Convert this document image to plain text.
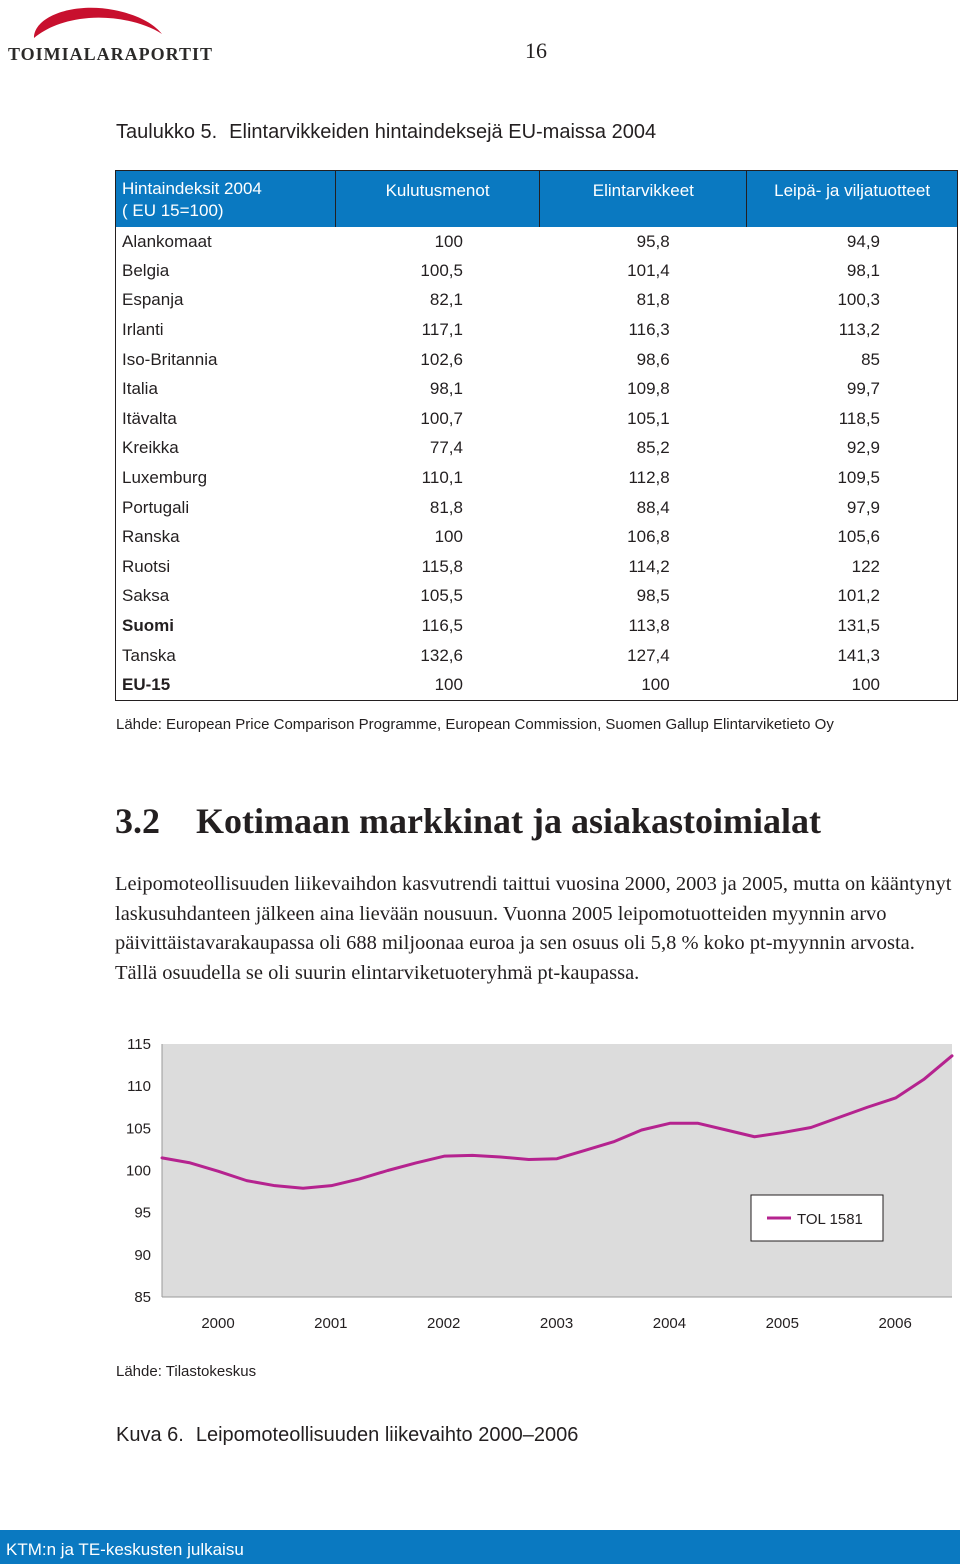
TOIMIALARAPORTIT	16
Taulukko 5. Elintarvikkeiden hintaindeksejä EU-maissa 2004
Hintaindeksit 2004
( EU 15=100)	Kulutusmenot	Elintarvikkeet	Leipä- ja viljatuotteet
Alankomaat	100	95,8	94,9
Belgia	100,5	101,4	98,1
Espanja	82,1	81,8	100,3
Irlanti	117,1	116,3	113,2
Iso-Britannia	102,6	98,6	85
Italia	98,1	109,8	99,7
Itävalta	100,7	105,1	118,5
Kreikka	77,4	85,2	92,9
Luxemburg	110,1	112,8	109,5
Portugali	81,8	88,4	97,9
Ranska	100	106,8	105,6
Ruotsi	115,8	114,2	122
Saksa	105,5	98,5	101,2
Suomi	116,5	113,8	131,5
Tanska	132,6	127,4	141,3
EU-15	100	100	100
Lähde: European Price Comparison Programme, European Commission, Suomen Gallup Elintarviketieto Oy
3.2 Kotimaan markkinat ja asiakastoimialat

Leipomoteollisuuden liikevaihdon kasvutrendi taittui vuosina 2000, 2003 ja 2005, mutta on kääntynyt laskusuhdanteen jälkeen aina lievään nousuun. Vuonna 2005 leipomotuotteiden myynnin arvo päivittäistavarakaupassa oli 688 miljoonaa euroa ja sen osuus oli 5,8 % koko pt-myynnin arvosta. Tällä osuudella se oli suurin elintarviketuoteryhmä pt-kaupassa.

115
110
105
100
95
90
85
2000	2001	2002	2003	2004	2005	2006
TOL 1581
Lähde: Tilastokeskus
Kuva 6. Leipomoteollisuuden liikevaihto 2000–2006
KTM:n ja TE-keskusten julkaisu
